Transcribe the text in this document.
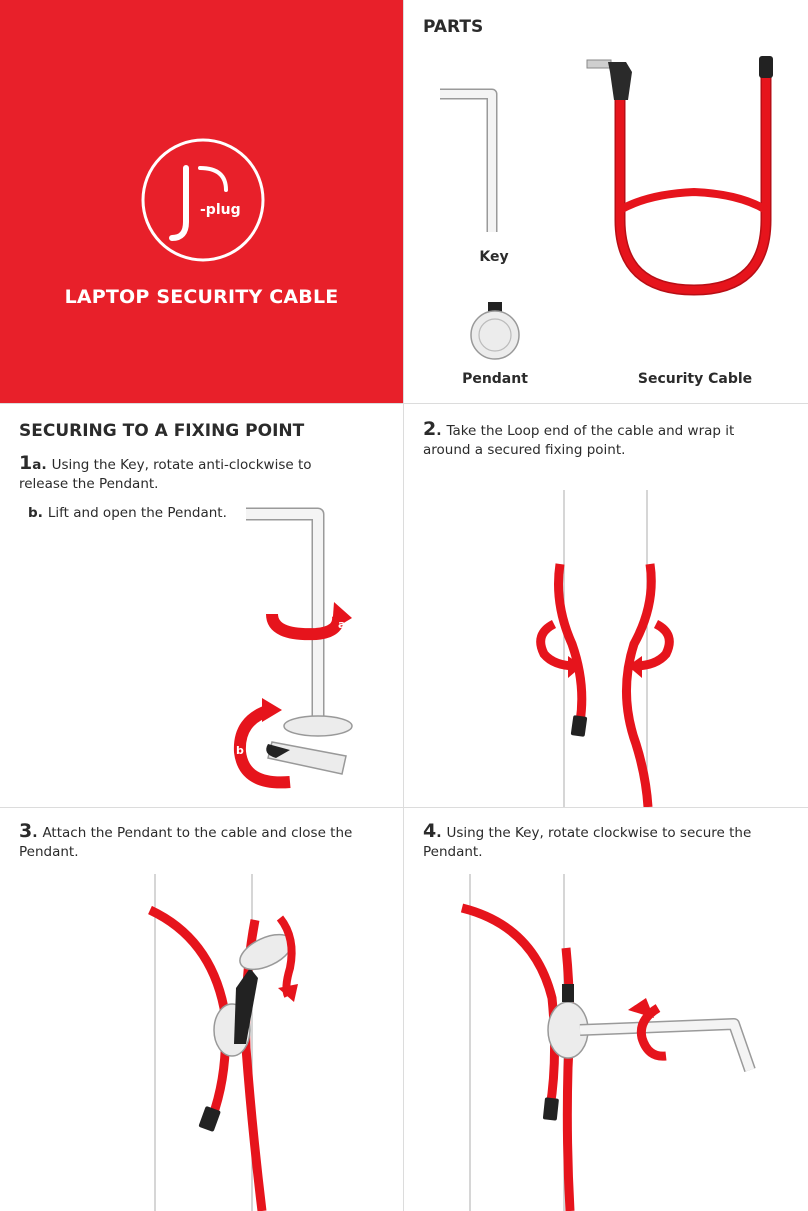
-plug
LAPTOP SECURITY CABLE
PARTS
Key
Pendant	Security Cable
SECURING TO A FIXING POINT
1a. Using the Key, rotate anti-clockwise to release the Pendant.
b. Lift and open the Pendant.
a
b
2. Take the Loop end of the cable and wrap it around a secured fixing point.
3. Attach the Pendant to the cable and close the Pendant.
4. Using the Key, rotate clockwise to secure the Pendant.
